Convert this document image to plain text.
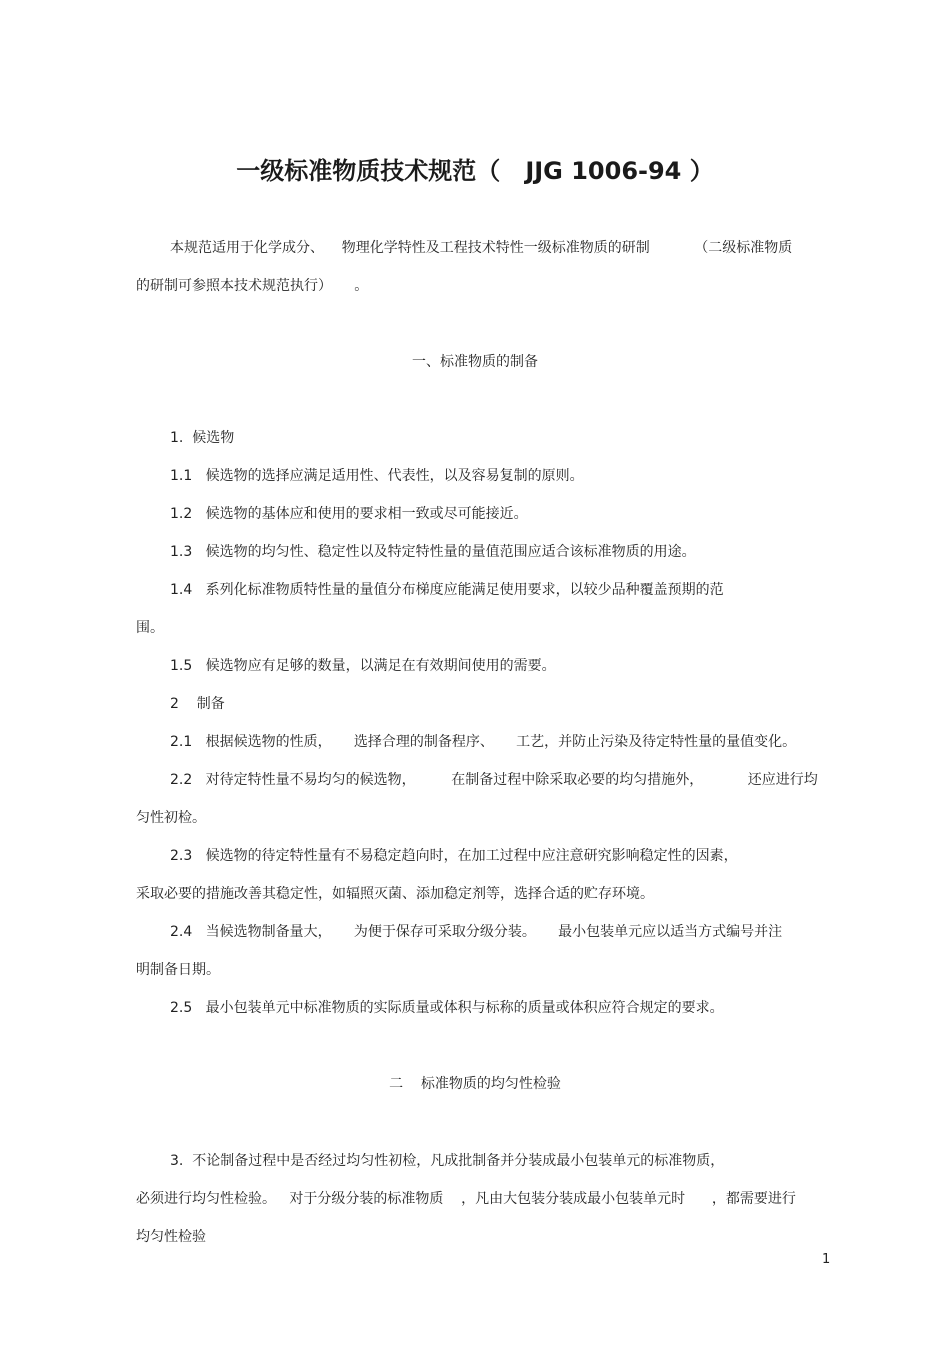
一级标准物质技术规范（   JJG 1006-94 ）

本规范适用于化学成分、    物理化学特性及工程技术特性一级标准物质的研制          （二级标准物质

的研制可参照本技术规范执行）     。

一、标准物质的制备

1.  候选物

1.1   候选物的选择应满足适用性、代表性，以及容易复制的原则。

1.2   候选物的基体应和使用的要求相一致或尽可能接近。

1.3   候选物的均匀性、稳定性以及特定特性量的量值范围应适合该标准物质的用途。

1.4   系列化标准物质特性量的量值分布梯度应能满足使用要求，以较少品种覆盖预期的范

围。

1.5   候选物应有足够的数量，以满足在有效期间使用的需要。

2    制备

2.1   根据候选物的性质，     选择合理的制备程序、     工艺，并防止污染及待定特性量的量值变化。

2.2   对待定特性量不易均匀的候选物，        在制备过程中除采取必要的均匀措施外，          还应进行均

匀性初检。

2.3   候选物的待定特性量有不易稳定趋向时，在加工过程中应注意研究影响稳定性的因素，

采取必要的措施改善其稳定性，如辐照灭菌、添加稳定剂等，选择合适的贮存环境。

2.4   当候选物制备量大，     为便于保存可采取分级分装。     最小包装单元应以适当方式编号并注

明制备日期。

2.5   最小包装单元中标准物质的实际质量或体积与标称的质量或体积应符合规定的要求。

二    标准物质的均匀性检验

3.  不论制备过程中是否经过均匀性初检，凡成批制备并分装成最小包装单元的标准物质，

必须进行均匀性检验。   对于分级分装的标准物质    ，凡由大包装分装成最小包装单元时      ，都需要进行

均匀性检验

1
